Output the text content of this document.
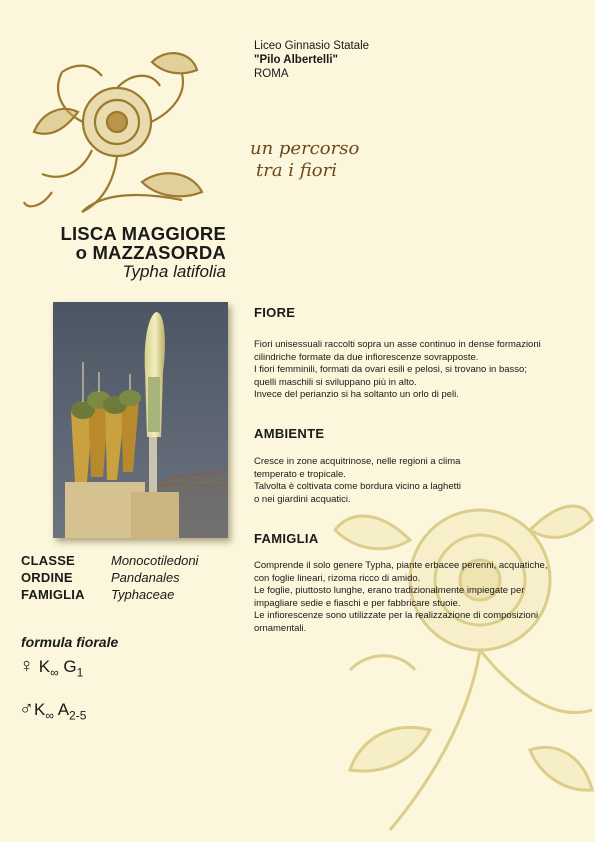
Liceo Ginnasio Statale
"Pilo Albertelli"
ROMA
un percorso
tra i fiori
LISCA MAGGIORE
o MAZZASORDA
Typha latifolia
CLASSE	Monocotiledoni
ORDINE	Pandanales
FAMIGLIA	Typhaceae
formula fiorale
♀ $K_\infty$ $G_1$
$♂K_\infty$ $A_{2-5}$
FIORE
Fiori unisessuali raccolti sopra un asse continuo in dense formazioni
cilindriche formate da due infiorescenze sovrapposte.
I fiori femminili, formati da ovari esili e pelosi, si trovano in basso;
quelli maschili si sviluppano più in alto.
Invece del perianzio si ha soltanto un orlo di peli.
AMBIENTE
Cresce in zone acquitrinose, nelle regioni a clima
temperato e tropicale.
Talvolta è coltivata come bordura vicino a laghetti
o nei giardini acquatici.
FAMIGLIA
Comprende il solo genere Typha, piante erbacee perenni, acquatiche,
con foglie lineari, rizoma ricco di amido.
Le foglie, piuttosto lunghe, erano tradizionalmente impiegate per
impagliare sedie e fiaschi e per fabbricare stuoie.
Le infiorescenze sono utilizzate per la realizzazione di composizioni
ornamentali.
